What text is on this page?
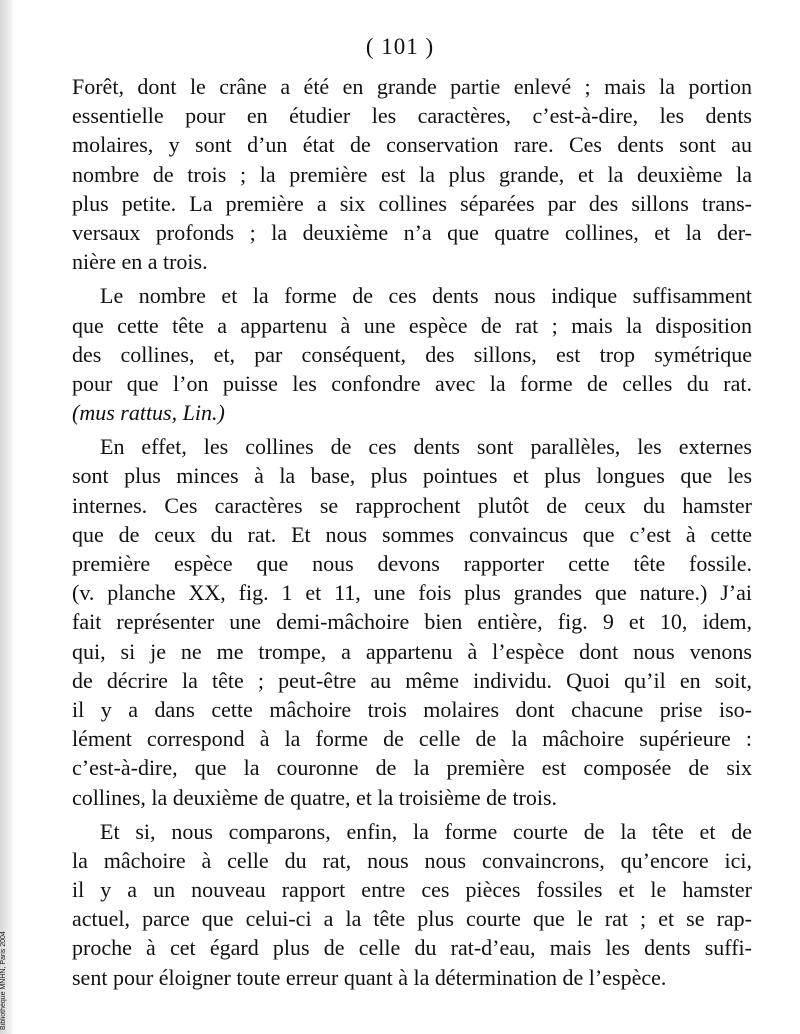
( 101 )
Forêt, dont le crâne a été en grande partie enlevé ; mais la portion
essentielle pour en étudier les caractères, c’est-à-dire, les dents
molaires, y sont d’un état de conservation rare. Ces dents sont au
nombre de trois ; la première est la plus grande, et la deuxième la
plus petite. La première a six collines séparées par des sillons trans-
versaux profonds ; la deuxième n’a que quatre collines, et la der-
nière en a trois.
Le nombre et la forme de ces dents nous indique suffisamment
que cette tête a appartenu à une espèce de rat ; mais la disposition
des collines, et, par conséquent, des sillons, est trop symétrique
pour que l’on puisse les confondre avec la forme de celles du rat.
(mus rattus, Lin.)
En effet, les collines de ces dents sont parallèles, les externes
sont plus minces à la base, plus pointues et plus longues que les
internes. Ces caractères se rapprochent plutôt de ceux du hamster
que de ceux du rat. Et nous sommes convaincus que c’est à cette
première espèce que nous devons rapporter cette tête fossile.
(v. planche XX, fig. 1 et 11, une fois plus grandes que nature.) J’ai
fait représenter une demi-mâchoire bien entière, fig. 9 et 10, idem,
qui, si je ne me trompe, a appartenu à l’espèce dont nous venons
de décrire la tête ; peut-être au même individu. Quoi qu’il en soit,
il y a dans cette mâchoire trois molaires dont chacune prise iso-
lément correspond à la forme de celle de la mâchoire supérieure :
c’est-à-dire, que la couronne de la première est composée de six
collines, la deuxième de quatre, et la troisième de trois.
Et si, nous comparons, enfin, la forme courte de la tête et de
la mâchoire à celle du rat, nous nous convaincrons, qu’encore ici,
il y a un nouveau rapport entre ces pièces fossiles et le hamster
actuel, parce que celui-ci a la tête plus courte que le rat ; et se rap-
proche à cet égard plus de celle du rat-d’eau, mais les dents suffi-
sent pour éloigner toute erreur quant à la détermination de l’espèce.
Bibliothèque MNHN, Paris 2004
